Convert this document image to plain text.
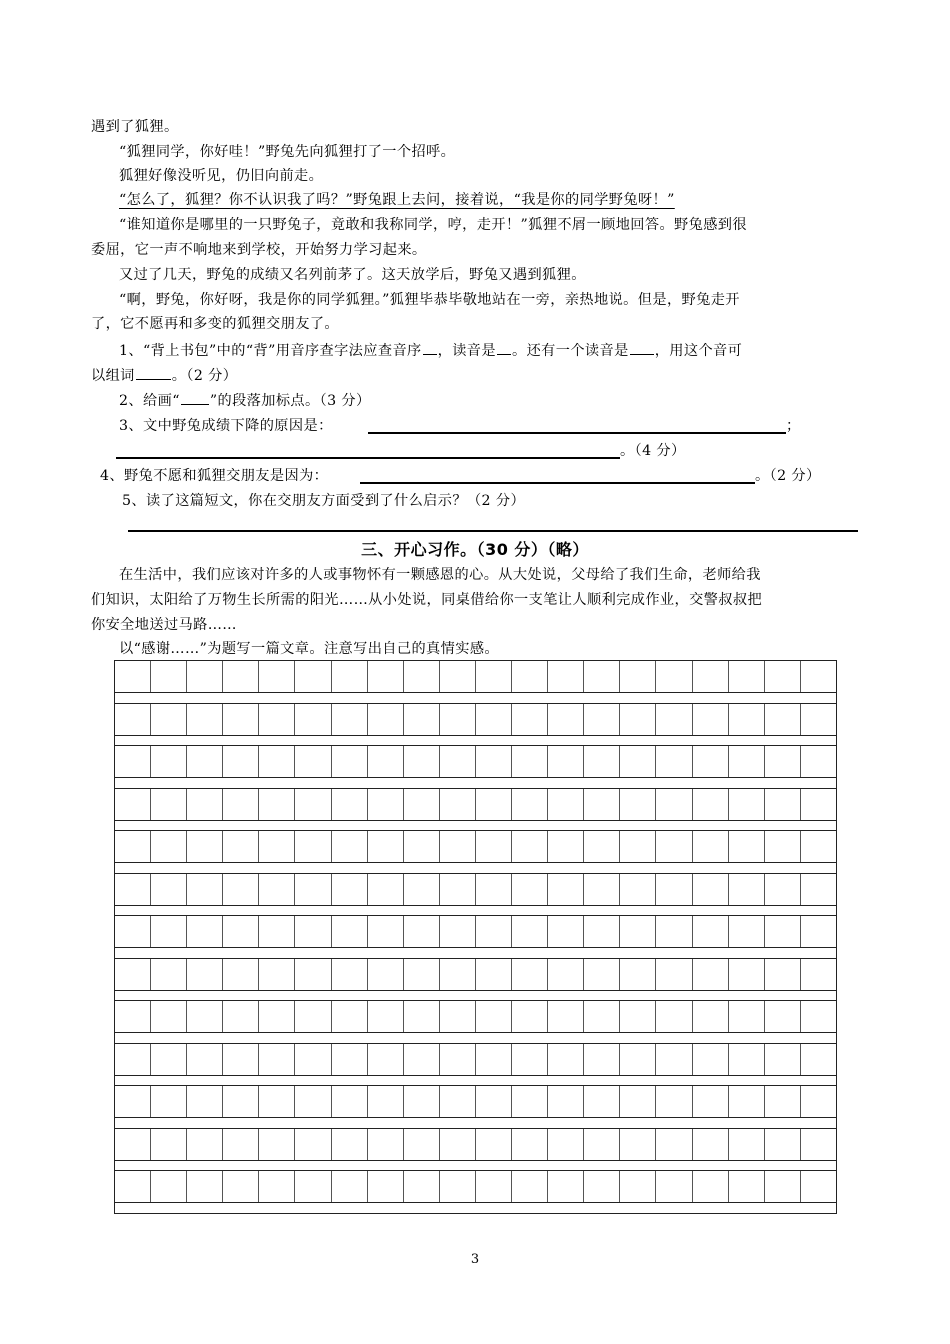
遇到了狐狸。
“狐狸同学，你好哇！”野兔先向狐狸打了一个招呼。
狐狸好像没听见，仍旧向前走。
“怎么了，狐狸？你不认识我了吗？”野兔跟上去问，接着说，“我是你的同学野兔呀！”
“谁知道你是哪里的一只野兔子，竟敢和我称同学，哼，走开！”狐狸不屑一顾地回答。野兔感到很
委屈，它一声不响地来到学校，开始努力学习起来。
又过了几天，野兔的成绩又名列前茅了。这天放学后，野兔又遇到狐狸。
“啊，野兔，你好呀，我是你的同学狐狸。”狐狸毕恭毕敬地站在一旁，亲热地说。但是，野兔走开
了，它不愿再和多变的狐狸交朋友了。
1、“背上书包”中的“背”用音序查字法应查音序 ，读音是 。还有一个读音是 ，用这个音可
以组词	。（2 分）
2、给画“ ”的段落加标点。（3 分）
3、文中野兔成绩下降的原因是：	；
。（4 分）
4、野兔不愿和狐狸交朋友是因为：	。（2 分）
5、读了这篇短文，你在交朋友方面受到了什么启示？（2 分）
三、开心习作。（30 分）（略）
在生活中，我们应该对许多的人或事物怀有一颗感恩的心。从大处说，父母给了我们生命，老师给我
们知识，太阳给了万物生长所需的阳光……从小处说，同桌借给你一支笔让人顺利完成作业，交警叔叔把
你安全地送过马路……
以“感谢……”为题写一篇文章。注意写出自己的真情实感。
3
